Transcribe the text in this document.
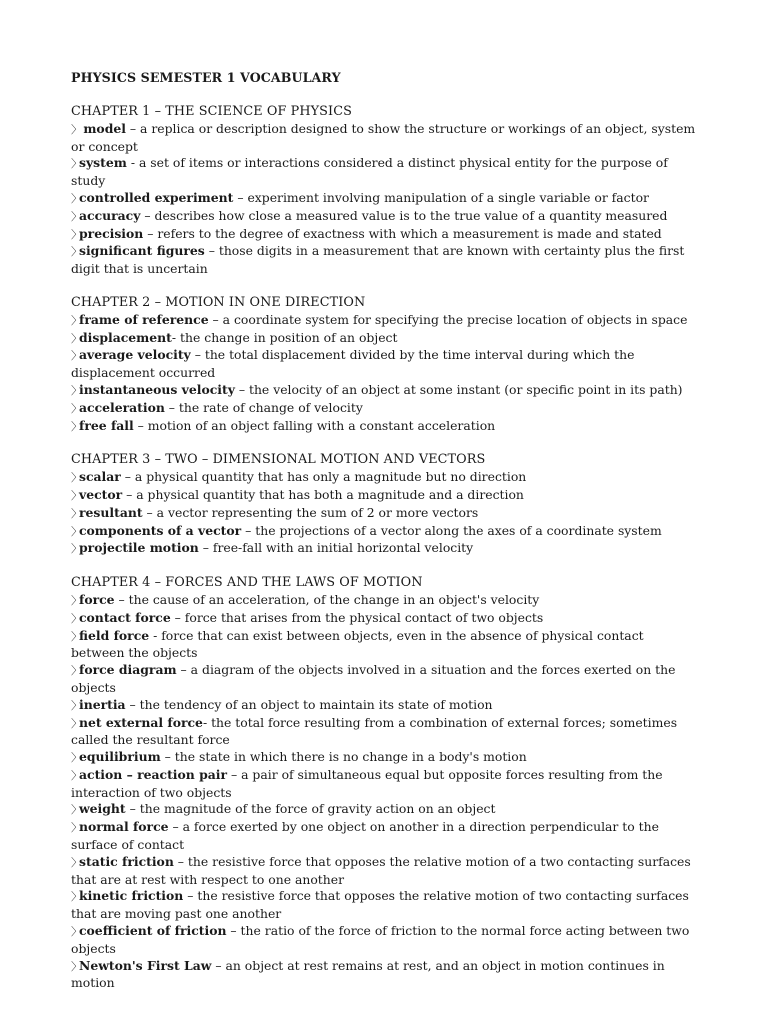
PHYSICS SEMESTER 1 VOCABULARY
CHAPTER 1 – THE SCIENCE OF PHYSICS
〉 model – a replica or description designed to show the structure or workings of an object, system or concept
〉system - a set of items or interactions considered a distinct physical entity for the purpose of study
〉controlled experiment – experiment involving manipulation of a single variable or factor
〉accuracy – describes how close a measured value is to the true value of a quantity measured
〉precision – refers to the degree of exactness with which a measurement is made and stated
〉significant figures – those digits in a measurement that are known with certainty plus the first digit that is uncertain
CHAPTER 2 – MOTION IN ONE DIRECTION
〉frame of reference – a coordinate system for specifying the precise location of objects in space
〉displacement- the change in position of an object
〉average velocity – the total displacement divided by the time interval during which the displacement occurred
〉instantaneous velocity – the velocity of an object at some instant (or specific point in its path)
〉acceleration – the rate of change of velocity
〉free fall – motion of an object falling with a constant acceleration
CHAPTER 3 – TWO – DIMENSIONAL MOTION AND VECTORS
〉scalar – a physical quantity that has only a magnitude but no direction
〉vector – a physical quantity that has both a magnitude and a direction
〉resultant – a vector representing the sum of 2 or more vectors
〉components of a vector – the projections of a vector along the axes of a coordinate system
〉projectile motion – free-fall with an initial horizontal velocity
CHAPTER 4 – FORCES AND THE LAWS OF MOTION
〉force – the cause of an acceleration, of the change in an object's velocity
〉contact force – force that arises from the physical contact of two objects
〉field force - force that can exist between objects, even in the absence of physical contact between the objects
〉force diagram – a diagram of the objects involved in a situation and the forces exerted on the objects
〉inertia – the tendency of an object to maintain its state of motion
〉net external force- the total force resulting from a combination of external forces; sometimes called the resultant force
〉equilibrium – the state in which there is no change in a body's motion
〉action – reaction pair – a pair of simultaneous equal but opposite forces resulting from the interaction of two objects
〉weight – the magnitude of the force of gravity action on an object
〉normal force – a force exerted by one object on another in a direction perpendicular to the surface of contact
〉static friction – the resistive force that opposes the relative motion of a two contacting surfaces that are at rest with respect to one another
〉kinetic friction – the resistive force that opposes the relative motion of two contacting surfaces that are moving past one another
〉coefficient of friction – the ratio of the force of friction to the normal force acting between two objects
〉Newton's First Law – an object at rest remains at rest, and an object in motion continues in motion
